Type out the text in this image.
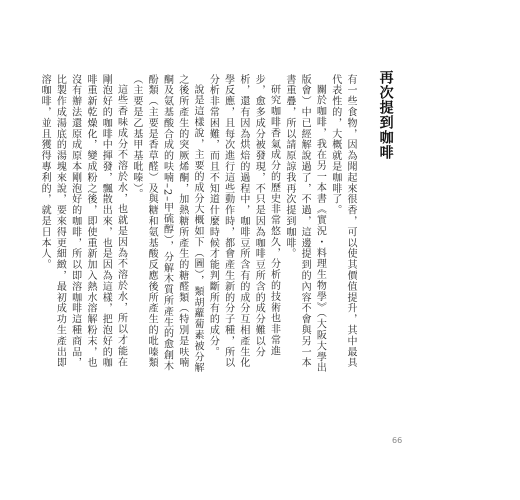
再次提到咖啡

有一些食物，因為聞起來很香，可以使其價值提升，其中最具代表性的，大概就是咖啡了。

關於咖啡，我在另一本書《實況・料理生物學》（大阪大學出版會）中已經解說過了，不過，這邊提到的內容不會與另一本書重疊，所以請原諒我再次提到咖啡。

研究咖啡香氣成分的歷史非常悠久，分析的技術也非常進步，愈多成分被發現，不只是因為咖啡豆所含的成分難以分析，還有因為烘焙的過程中，咖啡豆所含有的成分互相產生化學反應，且每次進行這些動作時，都會產生新的分子種，所以分析非常困難，而且不知道什麼時候才能判斷所有的成分。

說是這樣說，主要的成分大概如下（圖），類胡蘿蔔素被分解之後所產生的突厥烯酮，加熱糖所產生的糖醛類（特別是呋喃酮及氨基酸合成的呋喃–2–甲硫醇），分解木質所產生的愈創木酚類（主要是香草醛）及與糖和氨基酸反應後所產生的吡嗪類（主要是乙基甲基吡嗪）。

這些香味成分不溶於水，也就是因為不溶於水，所以才能在剛泡好的咖啡中揮發，飄散出來，也是因為這樣，把泡好的咖啡重新乾燥化，變成粉之後，即使重新加入熱水溶解粉末，也沒有辦法還原成原本剛泡好的咖啡，所以即溶咖啡這種商品，比製作成湯底的湯塊來說，要來得更細緻，最初成功生產出即溶咖啡，並且獲得專利的，就是日本人。

66
